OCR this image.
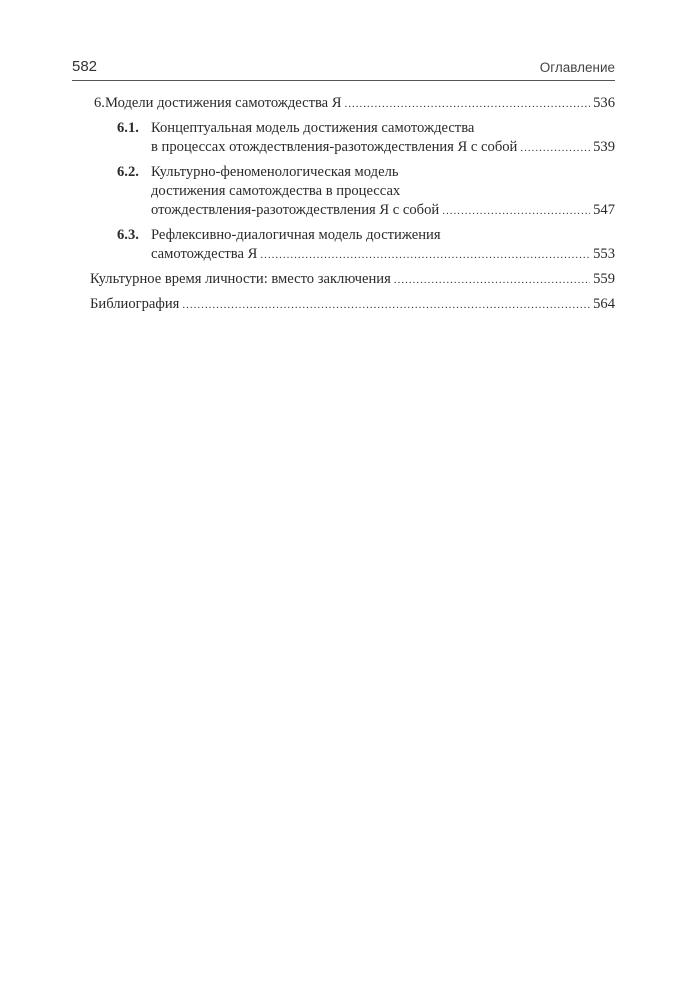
582	Оглавление
6. Модели достижения самотождества Я .....	536
6.1. Концептуальная модель достижения самотождества
в процессах отождествления-разотождествления Я с собой .....	539
6.2. Культурно-феноменологическая модель
достижения самотождества в процессах
отождествления-разотождествления Я с собой .....	547
6.3. Рефлексивно-диалогичная модель достижения
самотождества Я .....	553
Культурное время личности: вместо заключения .....	559
Библиография .....	564
